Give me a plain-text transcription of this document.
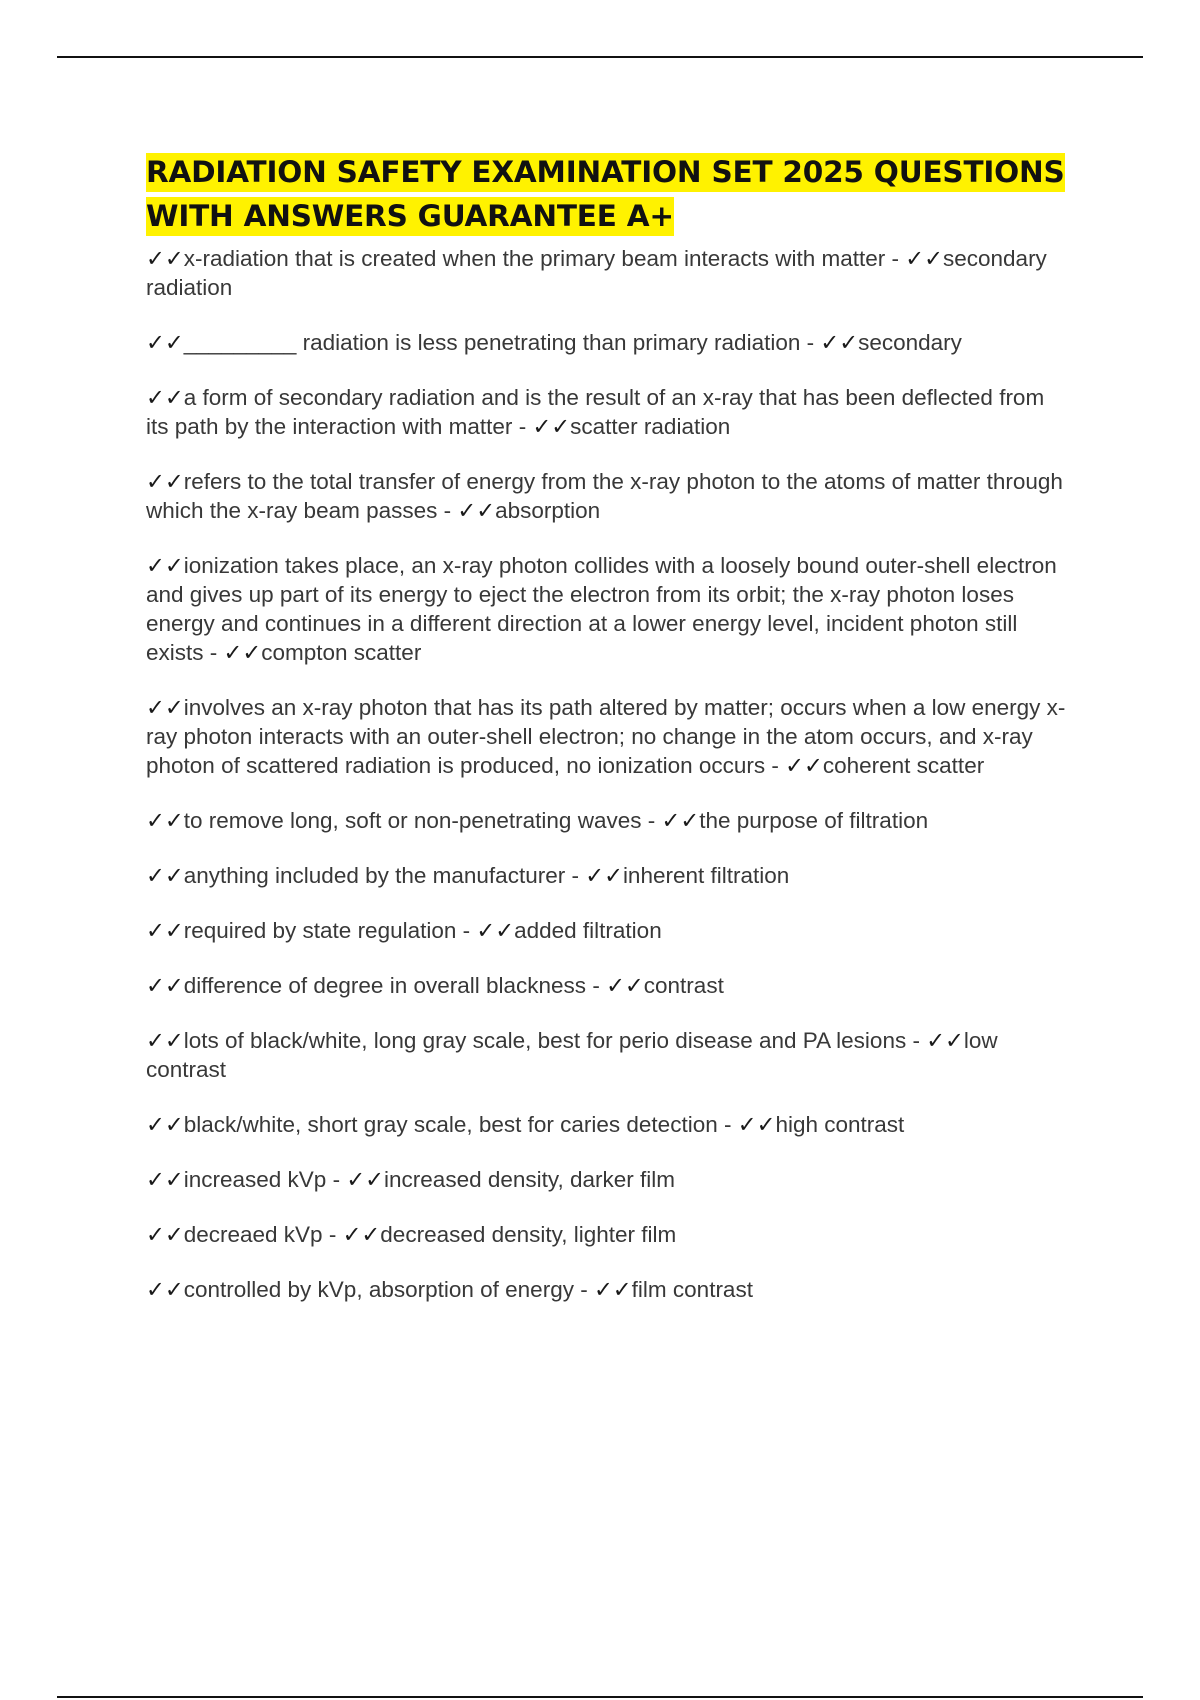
RADIATION SAFETY EXAMINATION SET 2025 QUESTIONS WITH ANSWERS GUARANTEE A+

✓✓x-radiation that is created when the primary beam interacts with matter - ✓✓secondary radiation

✓✓_________ radiation is less penetrating than primary radiation - ✓✓secondary

✓✓a form of secondary radiation and is the result of an x-ray that has been deflected from its path by the interaction with matter - ✓✓scatter radiation

✓✓refers to the total transfer of energy from the x-ray photon to the atoms of matter through which the x-ray beam passes - ✓✓absorption

✓✓ionization takes place, an x-ray photon collides with a loosely bound outer-shell electron and gives up part of its energy to eject the electron from its orbit; the x-ray photon loses energy and continues in a different direction at a lower energy level, incident photon still exists - ✓✓compton scatter

✓✓involves an x-ray photon that has its path altered by matter; occurs when a low energy x-ray photon interacts with an outer-shell electron; no change in the atom occurs, and x-ray photon of scattered radiation is produced, no ionization occurs - ✓✓coherent scatter

✓✓to remove long, soft or non-penetrating waves - ✓✓the purpose of filtration

✓✓anything included by the manufacturer - ✓✓inherent filtration

✓✓required by state regulation - ✓✓added filtration

✓✓difference of degree in overall blackness - ✓✓contrast

✓✓lots of black/white, long gray scale, best for perio disease and PA lesions - ✓✓low contrast

✓✓black/white, short gray scale, best for caries detection - ✓✓high contrast

✓✓increased kVp - ✓✓increased density, darker film

✓✓decreaed kVp - ✓✓decreased density, lighter film

✓✓controlled by kVp, absorption of energy - ✓✓film contrast
